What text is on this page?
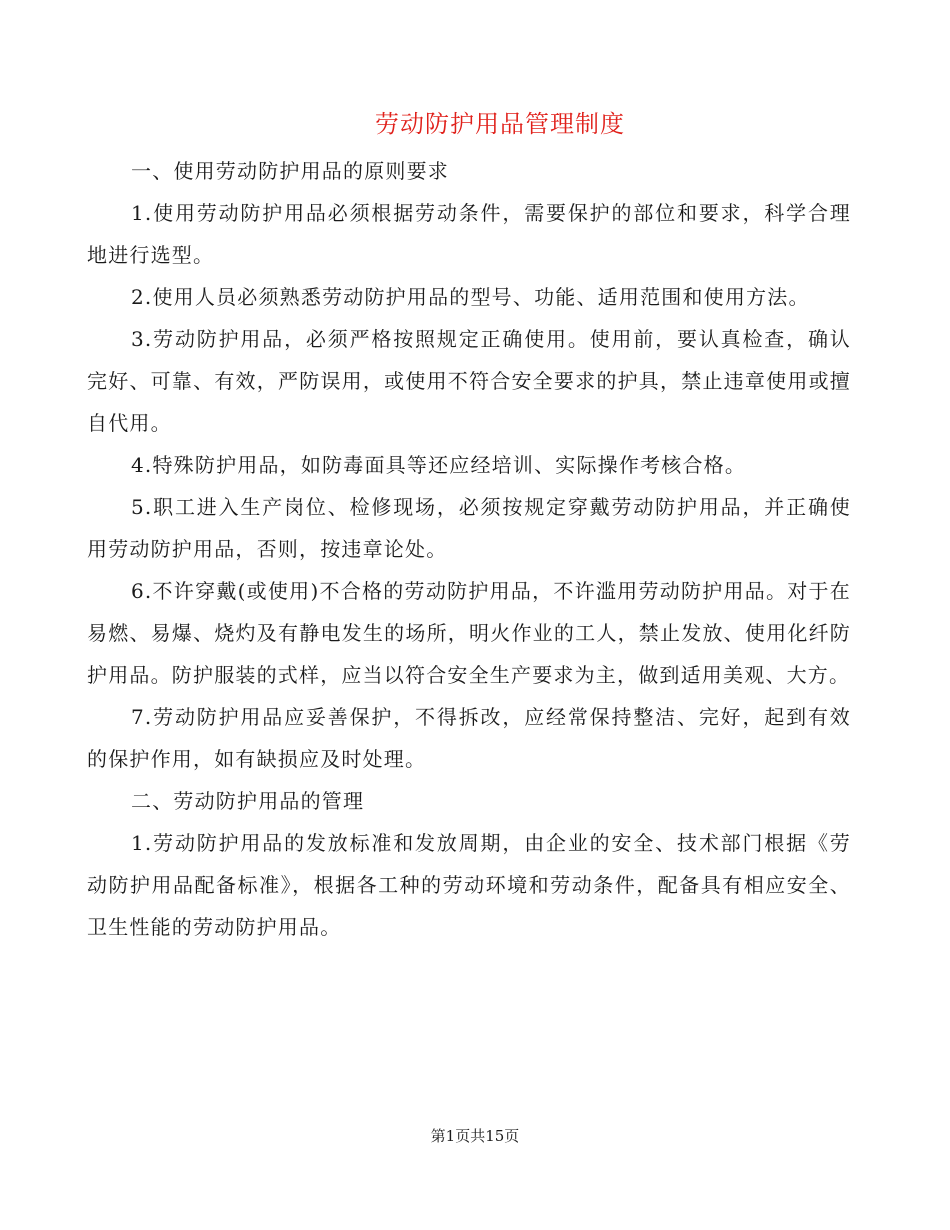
劳动防护用品管理制度

一、使用劳动防护用品的原则要求

1.使用劳动防护用品必须根据劳动条件，需要保护的部位和要求，科学合理地进行选型。

2.使用人员必须熟悉劳动防护用品的型号、功能、适用范围和使用方法。

3.劳动防护用品，必须严格按照规定正确使用。使用前，要认真检查，确认完好、可靠、有效，严防误用，或使用不符合安全要求的护具，禁止违章使用或擅自代用。

4.特殊防护用品，如防毒面具等还应经培训、实际操作考核合格。

5.职工进入生产岗位、检修现场，必须按规定穿戴劳动防护用品，并正确使用劳动防护用品，否则，按违章论处。

6.不许穿戴(或使用)不合格的劳动防护用品，不许滥用劳动防护用品。对于在易燃、易爆、烧灼及有静电发生的场所，明火作业的工人，禁止发放、使用化纤防护用品。防护服装的式样，应当以符合安全生产要求为主，做到适用美观、大方。

7.劳动防护用品应妥善保护，不得拆改，应经常保持整洁、完好，起到有效的保护作用，如有缺损应及时处理。

二、劳动防护用品的管理

1.劳动防护用品的发放标准和发放周期，由企业的安全、技术部门根据《劳动防护用品配备标准》，根据各工种的劳动环境和劳动条件，配备具有相应安全、卫生性能的劳动防护用品。

第1页共15页
